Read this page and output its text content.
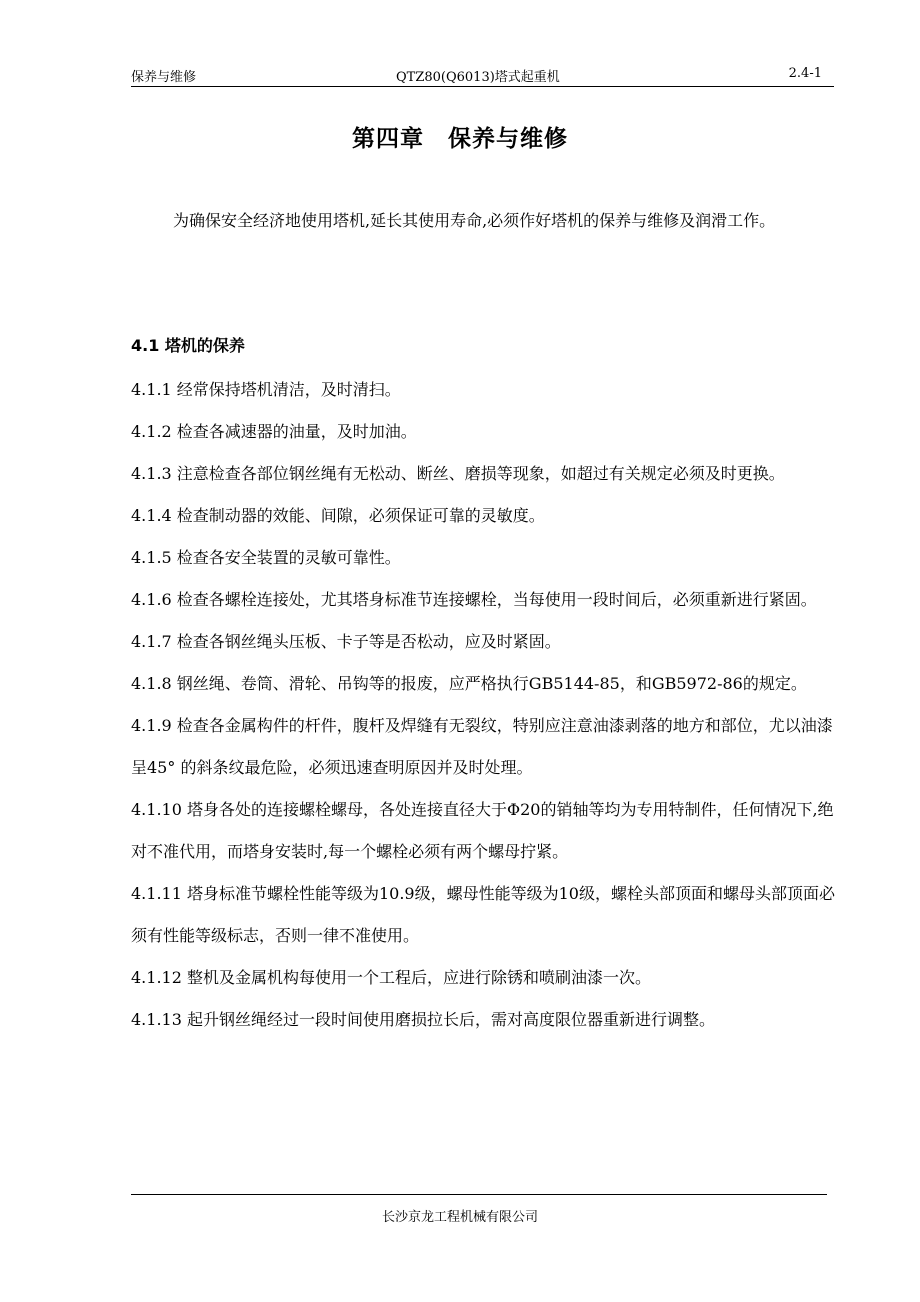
保养与维修	QTZ80(Q6013)塔式起重机	2.4-1
第四章　保养与维修
为确保安全经济地使用塔机,延长其使用寿命,必须作好塔机的保养与维修及润滑工作。
4.1 塔机的保养
4.1.1 经常保持塔机清洁，及时清扫。
4.1.2 检查各减速器的油量，及时加油。
4.1.3 注意检查各部位钢丝绳有无松动、断丝、磨损等现象，如超过有关规定必须及时更换。
4.1.4 检查制动器的效能、间隙，必须保证可靠的灵敏度。
4.1.5 检查各安全装置的灵敏可靠性。
4.1.6 检查各螺栓连接处，尤其塔身标准节连接螺栓，当每使用一段时间后，必须重新进行紧固。
4.1.7 检查各钢丝绳头压板、卡子等是否松动，应及时紧固。
4.1.8 钢丝绳、卷筒、滑轮、吊钩等的报废，应严格执行GB5144-85，和GB5972-86的规定。
4.1.9 检查各金属构件的杆件，腹杆及焊缝有无裂纹，特别应注意油漆剥落的地方和部位，尤以油漆呈45° 的斜条纹最危险，必须迅速查明原因并及时处理。
4.1.10 塔身各处的连接螺栓螺母，各处连接直径大于Φ20的销轴等均为专用特制件，任何情况下,绝对不准代用，而塔身安装时,每一个螺栓必须有两个螺母拧紧。
4.1.11 塔身标准节螺栓性能等级为10.9级，螺母性能等级为10级，螺栓头部顶面和螺母头部顶面必须有性能等级标志，否则一律不准使用。
4.1.12 整机及金属机构每使用一个工程后，应进行除锈和喷刷油漆一次。
4.1.13 起升钢丝绳经过一段时间使用磨损拉长后，需对高度限位器重新进行调整。
长沙京龙工程机械有限公司
